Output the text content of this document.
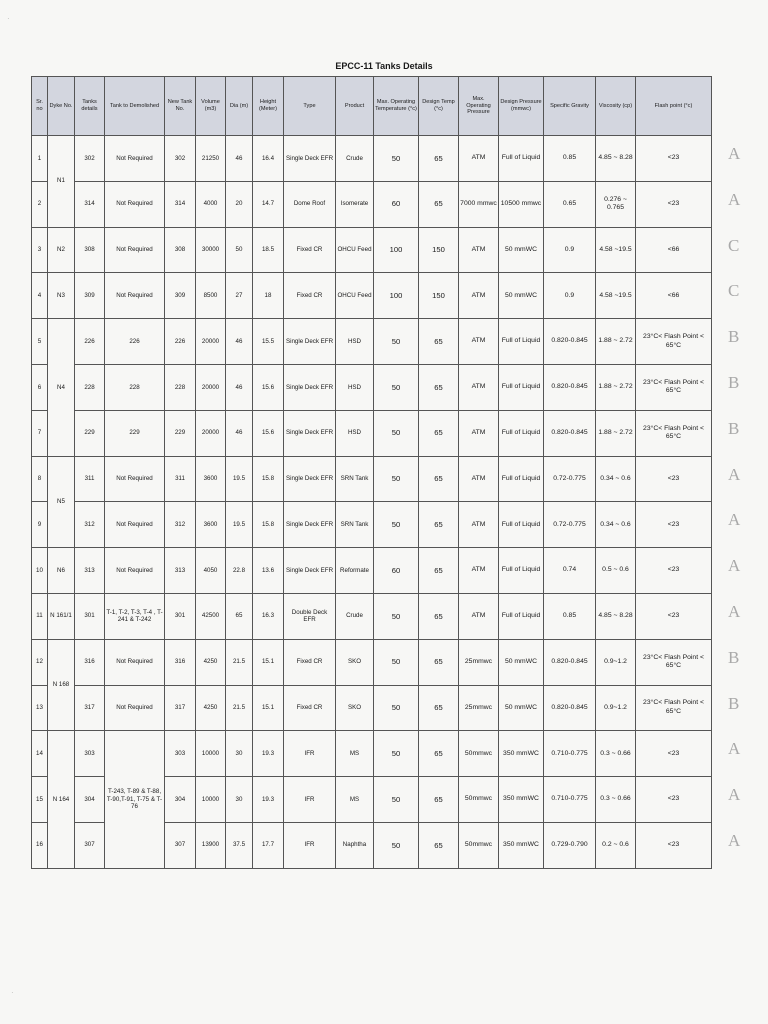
EPCC-11 Tanks Details
Sr. no	Dyke No.	Tanks details	Tank to Demolished	New Tank No.	Volume (m3)	Dia (m)	Height (Meter)	Type	Product	Max. Operating Temperature (°c)	Design Temp (°c)	Max. Operating Pressure	Design Pressure (mmwc)	Specific Gravity	Viscosity (cp)	Flash point (°c)
1	N1	302	Not Required	302	21250	46	16.4	Single Deck EFR	Crude	50	65	ATM	Full of Liquid	0.85	4.85 ~ 8.28	<23
2		314	Not Required	314	4000	20	14.7	Dome Roof	Isomerate	60	65	7000 mmwc	10500 mmwc	0.65	0.276 ~ 0.765	<23
3	N2	308	Not Required	308	30000	50	18.5	Fixed CR	OHCU Feed	100	150	ATM	50 mmWC	0.9	4.58 ~19.5	<66
4	N3	309	Not Required	309	8500	27	18	Fixed CR	OHCU Feed	100	150	ATM	50 mmWC	0.9	4.58 ~19.5	<66
5	N4	226	226	226	20000	46	15.5	Single Deck EFR	HSD	50	65	ATM	Full of Liquid	0.820-0.845	1.88 ~ 2.72	23°C< Flash Point < 65°C
6		228	228	228	20000	46	15.6	Single Deck EFR	HSD	50	65	ATM	Full of Liquid	0.820-0.845	1.88 ~ 2.72	23°C< Flash Point < 65°C
7		229	229	229	20000	46	15.6	Single Deck EFR	HSD	50	65	ATM	Full of Liquid	0.820-0.845	1.88 ~ 2.72	23°C< Flash Point < 65°C
8	N5	311	Not Required	311	3600	19.5	15.8	Single Deck EFR	SRN Tank	50	65	ATM	Full of Liquid	0.72-0.775	0.34 ~ 0.6	<23
9		312	Not Required	312	3600	19.5	15.8	Single Deck EFR	SRN Tank	50	65	ATM	Full of Liquid	0.72-0.775	0.34 ~ 0.6	<23
10	N6	313	Not Required	313	4050	22.8	13.6	Single Deck EFR	Reformate	60	65	ATM	Full of Liquid	0.74	0.5 ~ 0.6	<23
11	N 161/1	301	T-1, T-2, T-3, T-4 , T-241 & T-242	301	42500	65	16.3	Double Deck EFR	Crude	50	65	ATM	Full of Liquid	0.85	4.85 ~ 8.28	<23
12	N 168	316	Not Required	316	4250	21.5	15.1	Fixed CR	SKO	50	65	25mmwc	50 mmWC	0.820-0.845	0.9~1.2	23°C< Flash Point < 65°C
13		317	Not Required	317	4250	21.5	15.1	Fixed CR	SKO	50	65	25mmwc	50 mmWC	0.820-0.845	0.9~1.2	23°C< Flash Point < 65°C
14	N 164	303	T-243, T-89 & T-88, T-90,T-91, T-75 & T-76	303	10000	30	19.3	IFR	MS	50	65	50mmwc	350 mmWC	0.710-0.775	0.3 ~ 0.66	<23
15		304		304	10000	30	19.3	IFR	MS	50	65	50mmwc	350 mmWC	0.710-0.775	0.3 ~ 0.66	<23
16		307		307	13900	37.5	17.7	IFR	Naphtha	50	65	50mmwc	350 mmWC	0.729-0.790	0.2 ~ 0.6	<23
A
A
C
C
B
B
B
A
A
A
A
B
B
A
A
A
·
·
